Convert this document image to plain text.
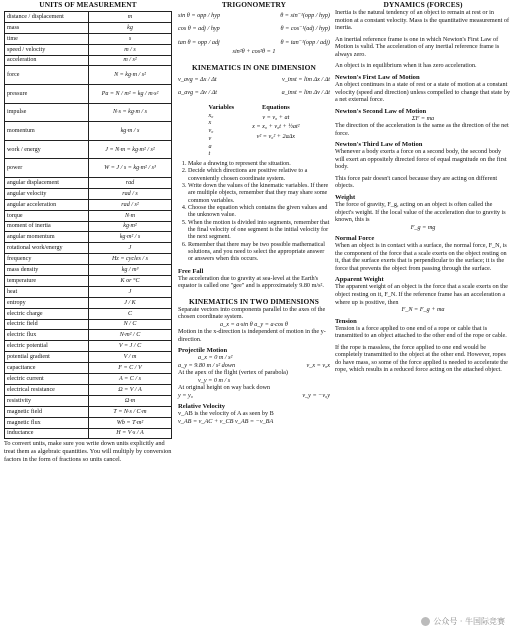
UNITS OF MEASUREMENT
distance / displacement	m
mass	kg
time	s
speed / velocity	m / s
acceleration	m / s²
force	N = kg·m / s²
pressure	Pa = N / m² = kg / m·s²
impulse	N·s = kg·m / s
momentum	kg·m / s
work / energy	J = N·m = kg·m² / s²
power	W = J / s = kg·m² / s³
angular displacement	rad
angular velocity	rad / s
angular acceleration	rad / s²
torque	N·m
moment of inertia	kg·m²
angular momentum	kg·m² / s
rotational work/energy	J
frequency	Hz = cycles / s
mass density	kg / m³
temperature	K or °C
heat	J
entropy	J / K
electric charge	C
electric field	N / C
electric flux	N·m² / C
electric potential	V = J / C
potential gradient	V / m
capacitance	F = C / V
electric current	A = C / s
electrical resistance	Ω = V / A
resistivity	Ω·m
magnetic field	T = N·s / C·m
magnetic flux	Wb = T·m²
inductance	H = V·s / A

To convert units, make sure you write down units explicitly and treat them as algebraic quantities. You will multiply by conversion factors in the form of fractions so units cancel.

TRIGONOMETRY
sin θ = opp / hyp	θ = sin⁻¹(opp / hyp)
cos θ = adj / hyp	θ = cos⁻¹(adj / hyp)
tan θ = opp / adj	θ = tan⁻¹(opp / adj)
sin²θ + cos²θ = 1
KINEMATICS IN ONE DIMENSION
v_avg = Δx / Δt	v_inst = lim Δx / Δt
a_avg = Δv / Δt	a_inst = lim Δv / Δt
Variables
x₀
x
v₀
v
a
t
Equations
v = v₀ + at
x = x₀ + v₀t + ½at²
v² = v₀² + 2aΔx
1. Make a drawing to represent the situation.
2. Decide which directions are positive relative to a conveniently chosen coordinate system.
3. Write down the values of the kinematic variables. If there are multiple objects, remember that they may share some common variables.
4. Choose the equation which contains the given values and the unknown value.
5. When the motion is divided into segments, remember that the final velocity of one segment is the initial velocity for the next segment.
6. Remember that there may be two possible mathematical solutions, and you need to select the appropriate answer or answers when this occurs.

Free Fall

The acceleration due to gravity at sea-level at the Earth's equator is called one "gee" and is approximately 9.80 m/s².

KINEMATICS IN TWO DIMENSIONS

Separate vectors into components parallel to the axes of the chosen coordinate system.

a_x = a·sin θ a_y = a·cos θ

Motion in the x-direction is independent of motion in the y-direction.

Projectile Motion

a_x = 0 m / s²
a_y = 9.80 m / s² down	v_x = v₀x

At the apex of the flight (vertex of parabola)

v_y = 0 m / s

At original height on way back down

y = y₀	v_y = −v₀y

Relative Velocity

v_AB is the velocity of A as seen by B

v_AB = v_AC + v_CB v_AB = −v_BA

DYNAMICS (FORCES)

Inertia is the natural tendency of an object to remain at rest or in motion at a constant velocity. Mass is the quantitative measurement of inertia.

An inertial reference frame is one in which Newton's First Law of Motion is valid. The acceleration of any inertial reference frame is always zero.

An object is in equilibrium when it has zero acceleration.

Newton's First Law of Motion

An object continues in a state of rest or a state of motion at a constant velocity (speed and direction) unless compelled to change that state by a net external force.

Newton's Second Law of Motion

ΣF = ma

The direction of the acceleration is the same as the direction of the net force.

Newton's Third Law of Motion

Whenever a body exerts a force on a second body, the second body will exert an oppositely directed force of equal magnitude on the first body.

This force pair doesn't cancel because they are acting on different objects.

Weight

The force of gravity, F_g, acting on an object is often called the object's weight. If the local value of the acceleration due to gravity is known, this is

F_g = mg

Normal Force

When an object is in contact with a surface, the normal force, F_N, is the component of the force that a scale exerts on the object resting on it, that the surface exerts that is perpendicular to the surface; it is the force that prevents the object from passing through the surface.

Apparent Weight

The apparent weight of an object is the force that a scale exerts on the object resting on it, F_N. If the reference frame has an acceleration a where up is positive, then

F_N = F_g + ma

Tension

Tension is a force applied to one end of a rope or cable that is transmitted to an object attached to the other end of the rope or cable.

If the rope is massless, the force applied to one end would be completely transmitted to the object at the other end. However, ropes do have mass, so some of the force applied is needed to accelerate the rope, which results in a reduced force acting on the attached object.

公众号 · 牛国际竞赛
